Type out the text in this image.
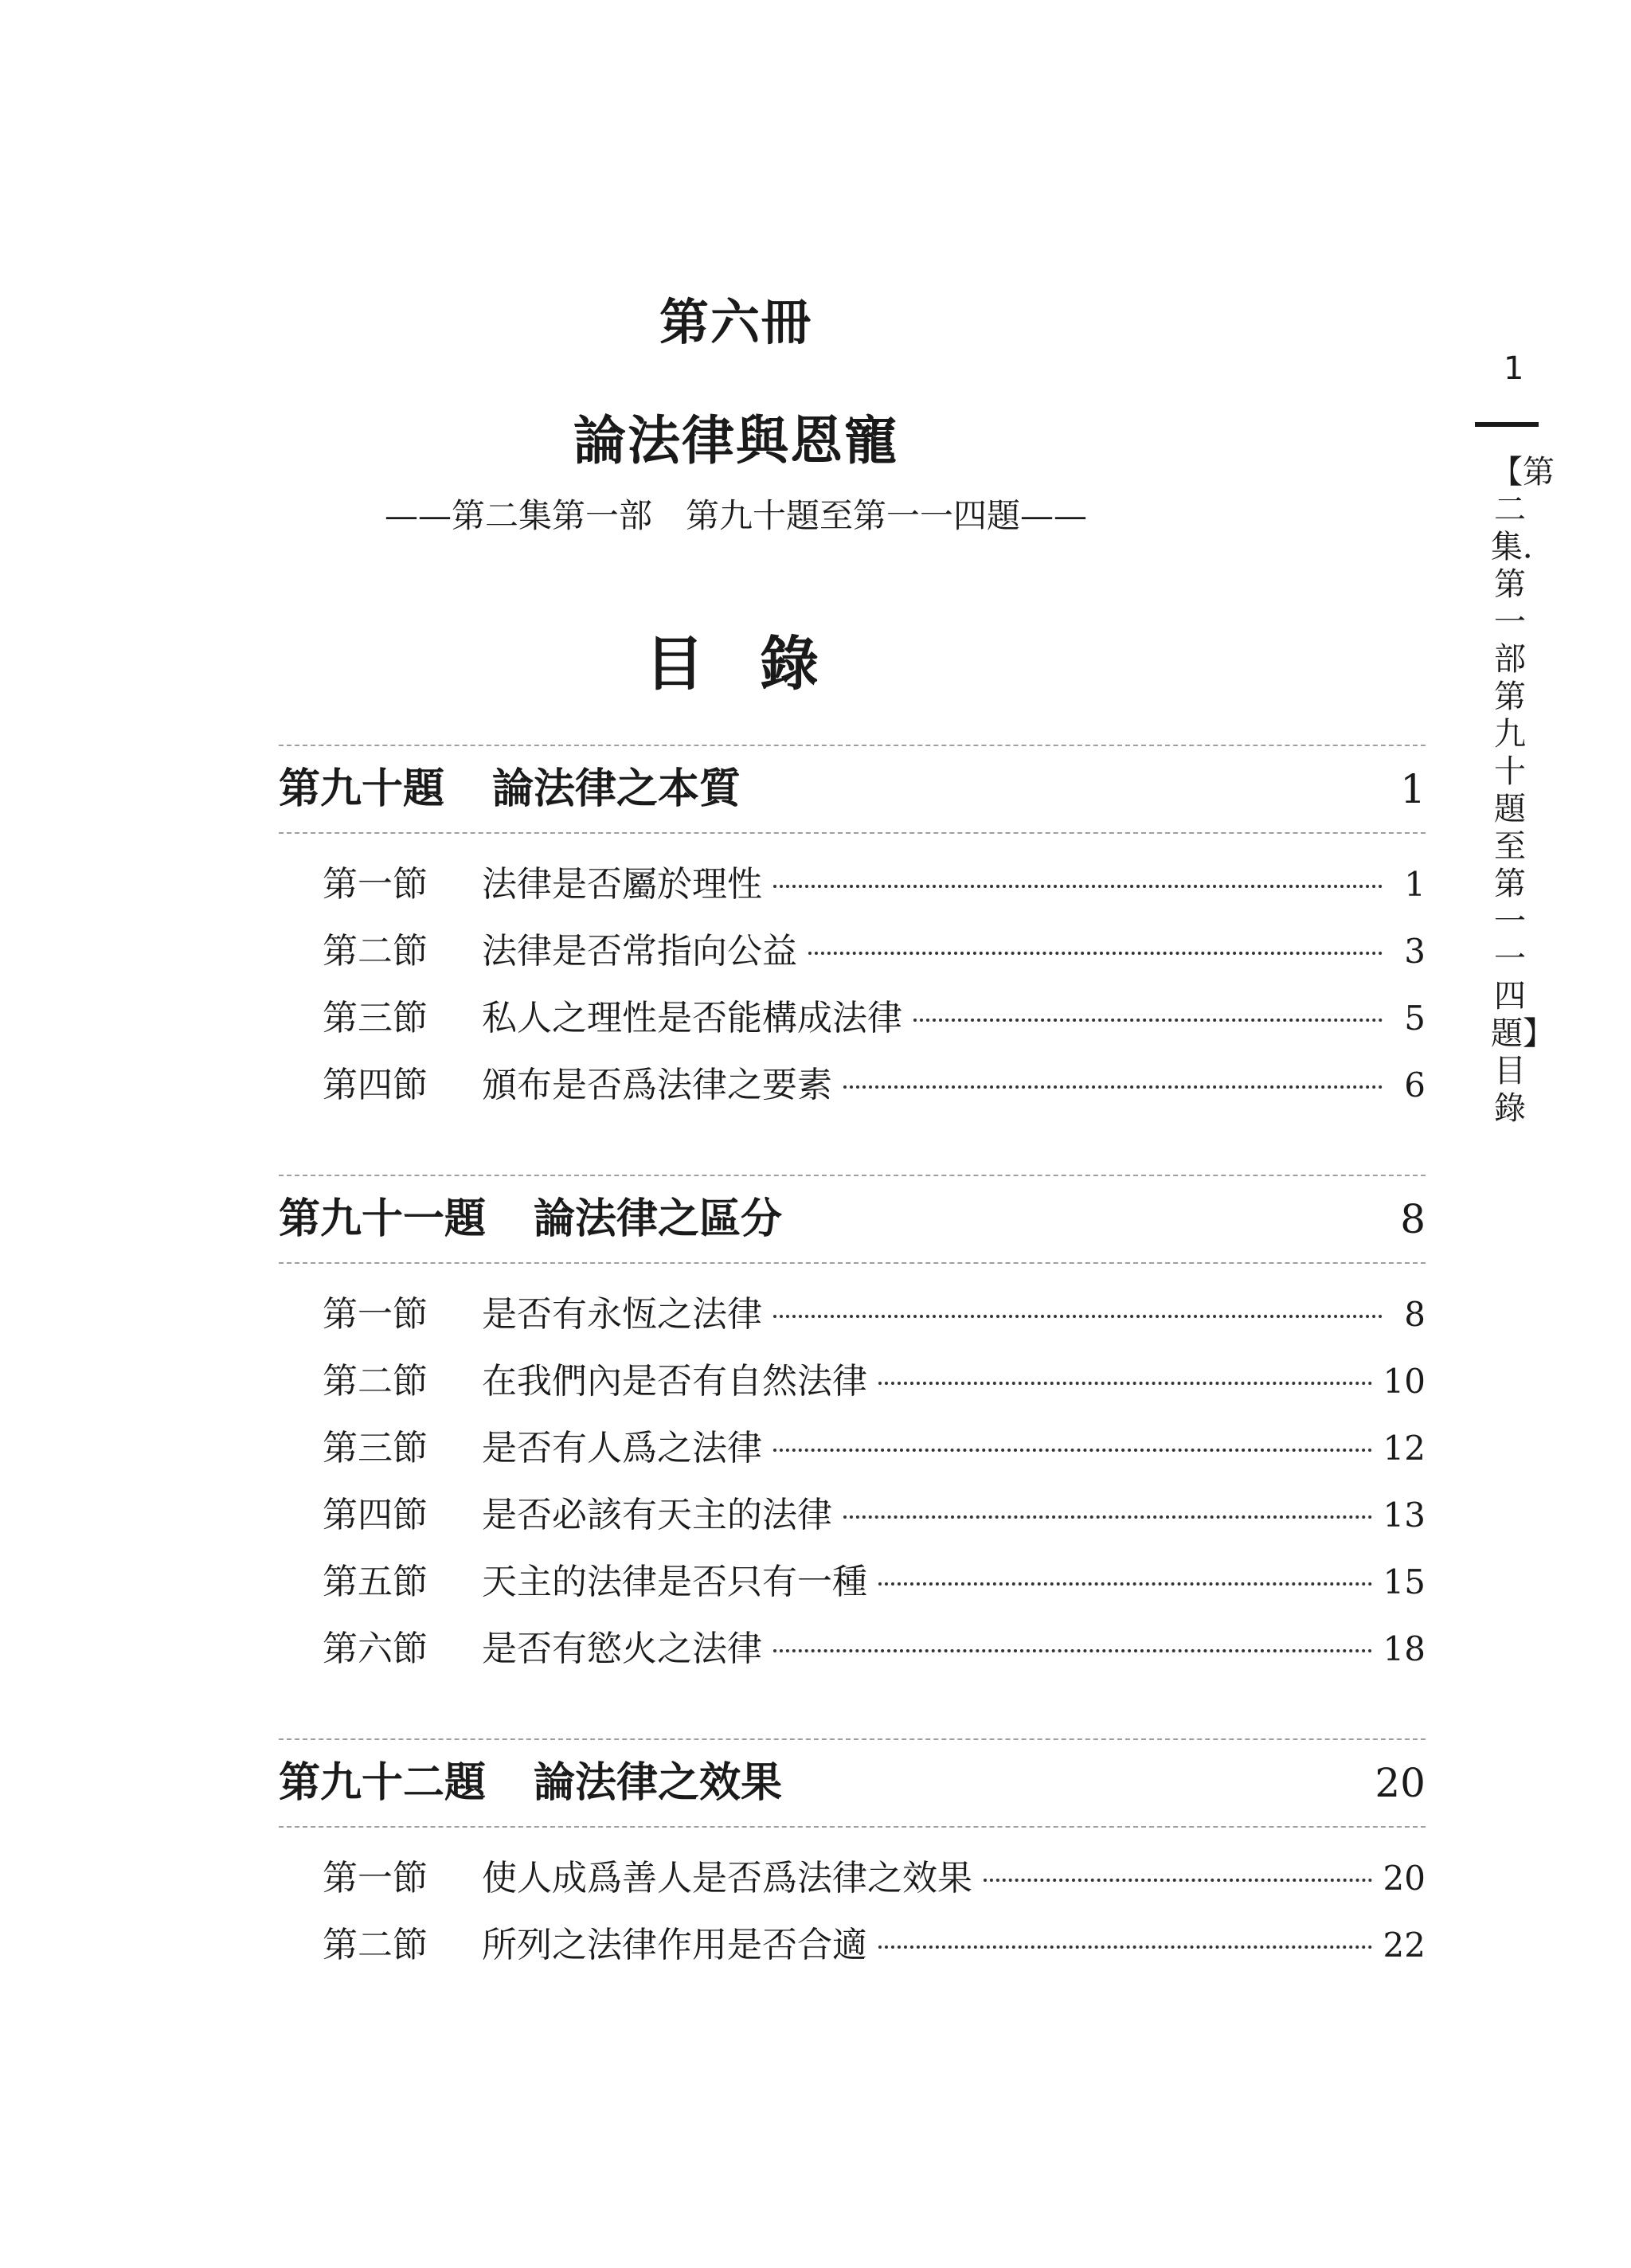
第六冊
論法律與恩寵
——第二集第一部　第九十題至第一一四題——
目錄
第九十題 論法律之本質	1
第一節	法律是否屬於理性	1
第二節	法律是否常指向公益	3
第三節	私人之理性是否能構成法律	5
第四節	頒布是否爲法律之要素	6
第九十一題 論法律之區分	8
第一節	是否有永恆之法律	8
第二節	在我們內是否有自然法律	10
第三節	是否有人爲之法律	12
第四節	是否必該有天主的法律	13
第五節	天主的法律是否只有一種	15
第六節	是否有慾火之法律	18
第九十二題 論法律之效果	20
第一節	使人成爲善人是否爲法律之效果	20
第二節	所列之法律作用是否合適	22
1
【第二集．第一部　第九十題至第一一四題】目錄
